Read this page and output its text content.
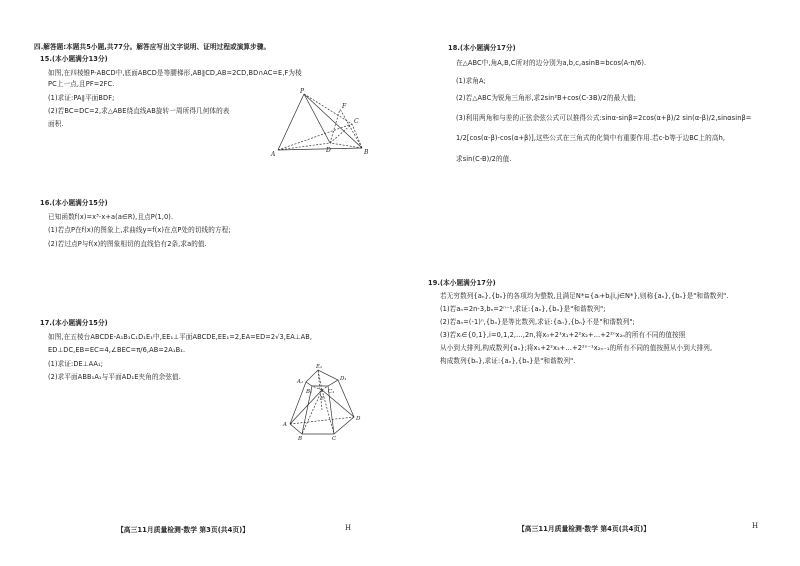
四.解答题:本题共5小题,共77分。解答应写出文字说明、证明过程或演算步骤。
15.(本小题满分13分)
如图,在四棱锥P-ABCD中,底面ABCD是等腰梯形,AB∥CD,AB=2CD,BD∩AC=E,F为棱
PC上一点,且PF=2FC.
(1)求证:PA∥平面BDF;
(2)若BC=DC=2,求△ABE绕直线AB旋转一周所得几何体的表
面积.
P
F
D
C
A	B
16.(本小题满分15分)
已知函数f(x)=x³-x+a(a∈R),且点P(1,0).
(1)若点P在f(x)的图象上,求曲线y=f(x)在点P处的切线的方程;
(2)若过点P与f(x)的图象相切的直线恰有2条,求a的值.
17.(本小题满分15分)
如图,在五棱台ABCDE-A₁B₁C₁D₁E₁中,EE₁⊥平面ABCDE,EE₁=2,EA=ED=2√3,EA⊥AB,
ED⊥DC,EB=EC=4,∠BEC=π/6,AB=2A₁B₁.
(1)求证:DE⊥AA₁;
(2)求平面ABB₁A₁与平面AD₁E夹角的余弦值.
E₁
A₁	D₁
B₁	C₁
E
A
D
B	C
【高三11月质量检测·数学 第3页(共4页)】	H
18.(本小题满分17分)
在△ABC中,角A,B,C所对的边分别为a,b,c,asinB=bcos(A-π/6).
(1)求角A;
(2)若△ABC为锐角三角形,求2sin²B+cos(C-3B)/2的最大值;
(3)利用两角和与差的正弦余弦公式可以推得公式:sinα-sinβ=2cos(α+β)/2 sin(α-β)/2,sinαsinβ=
1/2[cos(α-β)-cos(α+β)],这些公式在三角式的化简中有重要作用.若c-b等于边BC上的高h,
求sin(C-B)/2的值.
19.(本小题满分17分)
若无穷数列{aₙ},{bₙ}的各项均为整数,且满足N*⊆{aᵢ+bⱼ|i,j∈N*},则称{aₙ},{bₙ}是"和谐数列".
(1)若aₙ=2n-3,bₙ=2ⁿ⁻¹,求证:{aₙ},{bₙ}是"和谐数列";
(2)若aₙ=(-1)ⁿ,{bₙ}是等比数列,求证:{aₙ},{bₙ}不是"和谐数列";
(3)若xᵢ∈{0,1},i=0,1,2,…,2n,将x₀+2¹x₁+2²x₂+…+2²ⁿx₂ₙ的所有不同的值按照
从小到大排列,构成数列{aₙ};将x₁+2²x₃+…+2²ⁿ⁻¹x₂ₙ₋₁的所有不同的值按照从小到大排列,
构成数列{bₙ},求证:{aₙ},{bₙ}是"和谐数列".
【高三11月质量检测·数学 第4页(共4页)】	H
